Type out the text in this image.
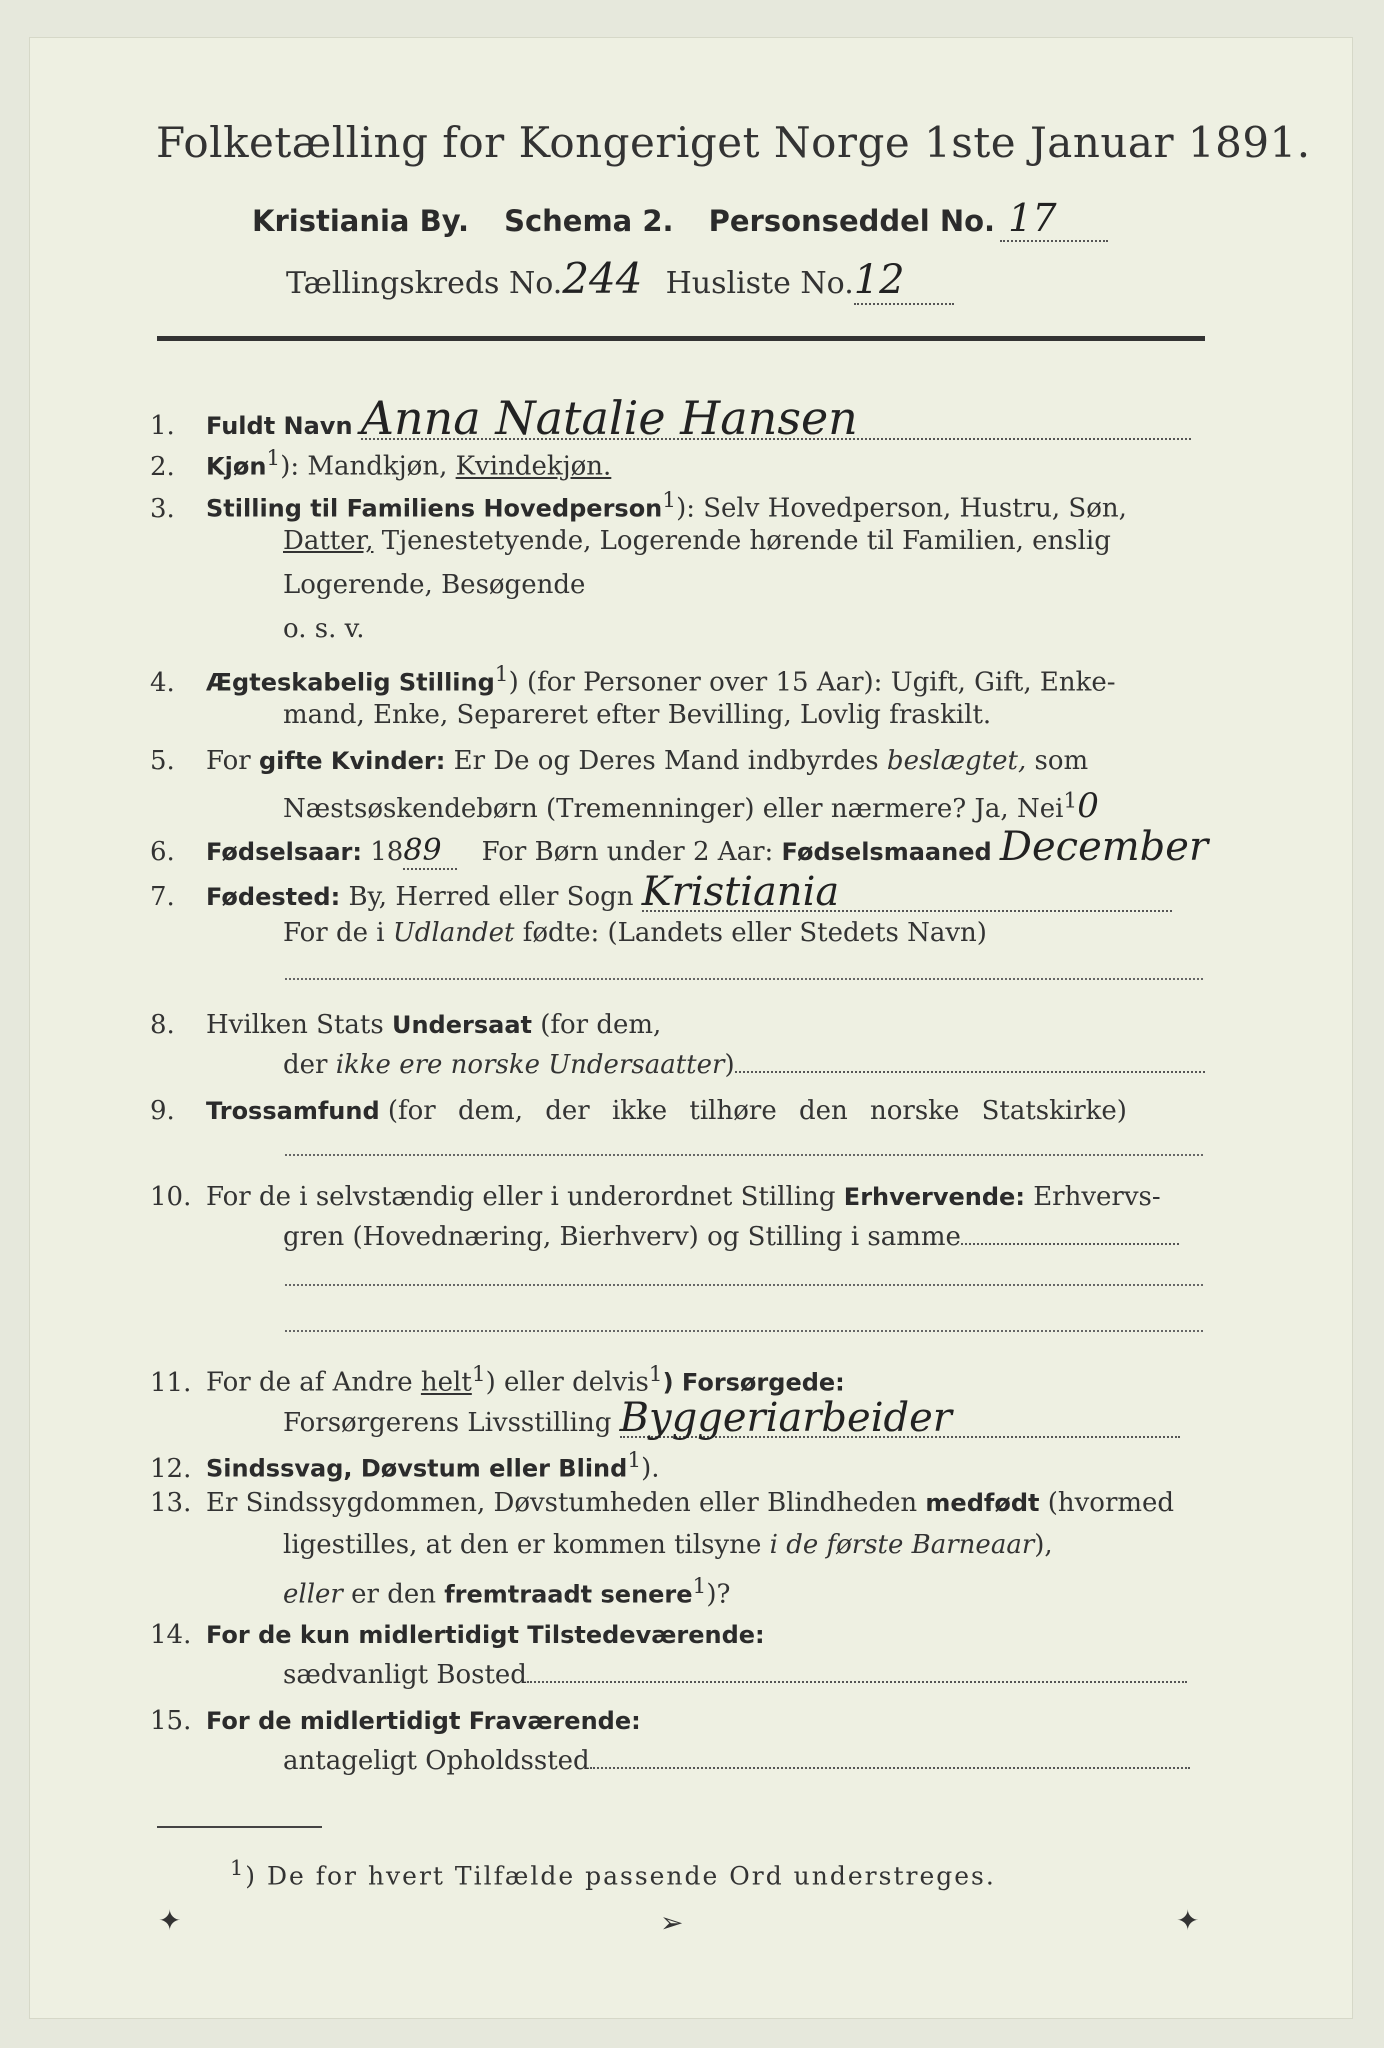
Folketælling for Kongeriget Norge 1ste Januar 1891.
Kristiania By. Schema 2. Personseddel No. 17
Tællingskreds No.244 Husliste No.12
1. Fuldt Navn Anna Natalie Hansen
2. Kjøn$^1$): Mandkjøn, Kvindekjøn.
3. Stilling til Familiens Hovedperson$^1$): Selv Hovedperson, Hustru, Søn,
Datter, Tjenestetyende, Logerende hørende til Familien, enslig
Logerende, Besøgende
o. s. v.
4. Ægteskabelig Stilling$^1$) (for Personer over 15 Aar): Ugift, Gift, Enke-
mand, Enke, Separeret efter Bevilling, Lovlig fraskilt.
5. For gifte Kvinder: Er De og Deres Mand indbyrdes beslægtet, som
Næstsøskendebørn (Tremenninger) eller nærmere? Ja, Nei$^1$0
6. Fødselsaar: 1889 For Børn under 2 Aar: Fødselsmaaned December
7. Fødested: By, Herred eller Sogn Kristiania
For de i Udlandet fødte: (Landets eller Stedets Navn)
8. Hvilken Stats Undersaat (for dem,
der ikke ere norske Undersaatter)
9. Trossamfund (for dem, der ikke tilhøre den norske Statskirke)
10. For de i selvstændig eller i underordnet Stilling Erhvervende: Erhvervs-
gren (Hovednæring, Bierhverv) og Stilling i samme
11. For de af Andre helt$^1$) eller delvis$^1$) Forsørgede:
Forsørgerens Livsstilling Byggeriarbeider
12. Sindssvag, Døvstum eller Blind$^1$).
13. Er Sindssygdommen, Døvstumheden eller Blindheden medfødt (hvormed
ligestilles, at den er kommen tilsyne i de første Barneaar),
eller er den fremtraadt senere$^1$)?
14. For de kun midlertidigt Tilstedeværende:
sædvanligt Bosted
15. For de midlertidigt Fraværende:
antageligt Opholdssted
$^1$) De for hvert Tilfælde passende Ord understreges.
✦	➢	✦
